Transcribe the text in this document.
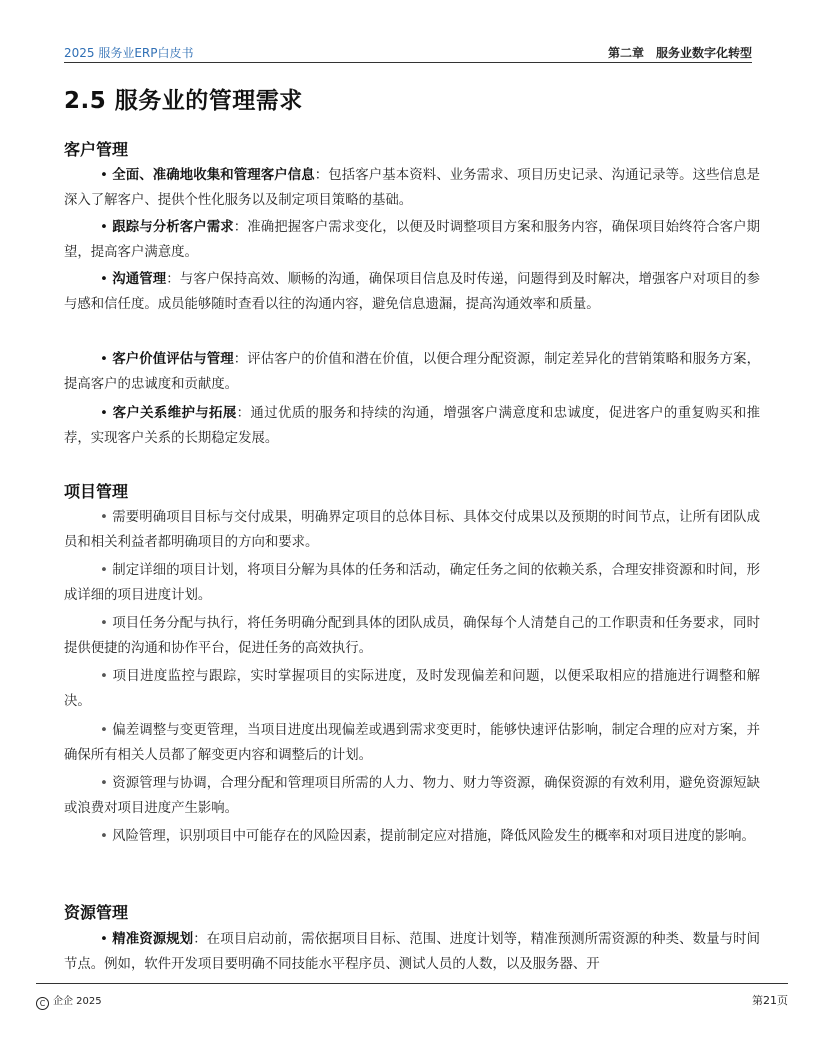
2025 服务业ERP白皮书	第二章　服务业数字化转型
2.5 服务业的管理需求
客户管理

• 全面、准确地收集和管理客户信息：包括客户基本资料、业务需求、项目历史记录、沟通记录等。这些信息是深入了解客户、提供个性化服务以及制定项目策略的基础。

• 跟踪与分析客户需求：准确把握客户需求变化，以便及时调整项目方案和服务内容，确保项目始终符合客户期望，提高客户满意度。

• 沟通管理：与客户保持高效、顺畅的沟通，确保项目信息及时传递，问题得到及时解决，增强客户对项目的参与感和信任度。成员能够随时查看以往的沟通内容，避免信息遗漏，提高沟通效率和质量。

• 客户价值评估与管理：评估客户的价值和潜在价值，以便合理分配资源，制定差异化的营销策略和服务方案，提高客户的忠诚度和贡献度。

• 客户关系维护与拓展：通过优质的服务和持续的沟通，增强客户满意度和忠诚度，促进客户的重复购买和推荐，实现客户关系的长期稳定发展。

项目管理

• 需要明确项目目标与交付成果，明确界定项目的总体目标、具体交付成果以及预期的时间节点，让所有团队成员和相关利益者都明确项目的方向和要求。

• 制定详细的项目计划，将项目分解为具体的任务和活动，确定任务之间的依赖关系，合理安排资源和时间，形成详细的项目进度计划。

• 项目任务分配与执行，将任务明确分配到具体的团队成员，确保每个人清楚自己的工作职责和任务要求，同时提供便捷的沟通和协作平台，促进任务的高效执行。

• 项目进度监控与跟踪，实时掌握项目的实际进度，及时发现偏差和问题，以便采取相应的措施进行调整和解决。

• 偏差调整与变更管理，当项目进度出现偏差或遇到需求变更时，能够快速评估影响，制定合理的应对方案，并确保所有相关人员都了解变更内容和调整后的计划。

• 资源管理与协调，合理分配和管理项目所需的人力、物力、财力等资源，确保资源的有效利用，避免资源短缺或浪费对项目进度产生影响。

• 风险管理，识别项目中可能存在的风险因素，提前制定应对措施，降低风险发生的概率和对项目进度的影响。

资源管理

• 精准资源规划：在项目启动前，需依据项目目标、范围、进度计划等，精准预测所需资源的种类、数量与时间节点。例如，软件开发项目要明确不同技能水平程序员、测试人员的人数，以及服务器、开

C 企企 2025	第21页
